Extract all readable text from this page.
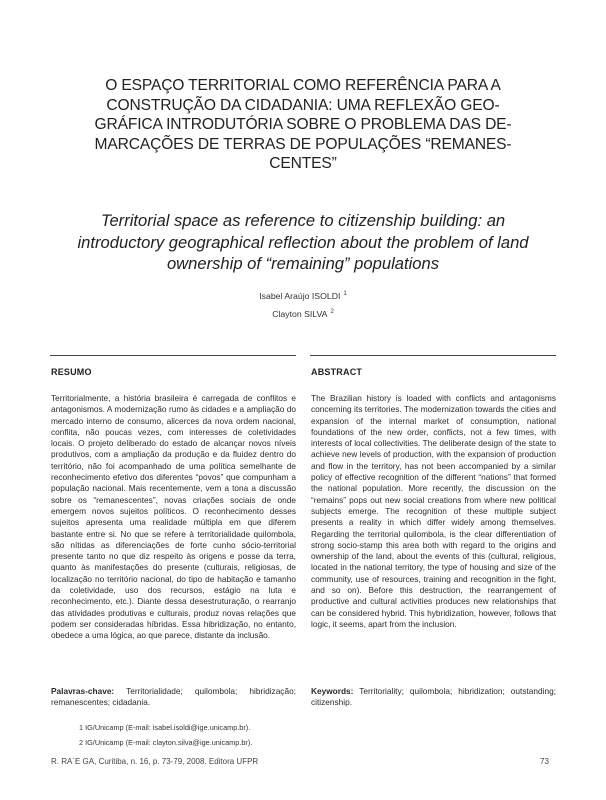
O ESPAÇO TERRITORIAL COMO REFERÊNCIA PARA A
CONSTRUÇÃO DA CIDADANIA: UMA REFLEXÃO GEO-
GRÁFICA INTRODUTÓRIA SOBRE O PROBLEMA DAS DE-
MARCAÇÕES DE TERRAS DE POPULAÇÕES “REMANES-
CENTES”
Territorial space as reference to citizenship building: an
introductory geographical reflection about the problem of land
ownership of “remaining” populations
Isabel Araújo ISOLDI $^1$
Clayton SILVA $^2$
RESUMO	ABSTRACT

Territorialmente, a história brasileira é carregada de conflitos e antagonismos. A modernização rumo às cidades e a ampliação do mercado interno de consumo, alicerces da nova ordem nacional, conflita, não poucas vezes, com interesses de coletividades locais. O projeto deliberado do estado de alcançar novos níveis produtivos, com a ampliação da produção e da fluidez dentro do território, não foi acompanhado de uma política semelhante de reconhecimento efetivo dos diferentes “povos” que compunham a população nacional. Mais recentemente, vem a tona a discussão sobre os “remanescentes”, novas criações sociais de onde emergem novos sujeitos políticos. O reconhecimento desses sujeitos apresenta uma realidade múltipla em que diferem bastante entre si. No que se refere à territorialidade quilombola, são nítidas as diferenciações de forte cunho sócio-territorial presente tanto no que diz respeito às origens e posse da terra, quanto às manifestações do presente (culturais, religiosas, de localização no território nacional, do tipo de habitação e tamanho da coletividade, uso dos recursos, estágio na luta e reconhecimento, etc.). Diante dessa desestruturação, o rearranjo das atividades produtivas e culturais, produz novas relações que podem ser consideradas híbridas. Essa hibridização, no entanto, obedece a uma lógica, ao que parece, distante da inclusão.

The Brazilian history is loaded with conflicts and antagonisms concerning its territories. The modernization towards the cities and expansion of the internal market of consumption, national foundations of the new order, conflicts, not a few times, with interests of local collectivities. The deliberate design of the state to achieve new levels of production, with the expansion of production and flow in the territory, has not been accompanied by a similar policy of effective recognition of the different “nations” that formed the national population. More recently, the discussion on the “remains” pops out new social creations from where new political subjects emerge. The recognition of these multiple subject presents a reality in which differ widely among themselves. Regarding the territorial quilombola, is the clear differentiation of strong socio-stamp this area both with regard to the origins and ownership of the land, about the events of this (cultural, religious, located in the national territory, the type of housing and size of the community, use of resources, training and recognition in the fight, and so on). Before this destruction, the rearrangement of productive and cultural activities produces new relationships that can be considered hybrid. This hybridization, however, follows that logic, it seems, apart from the inclusion.

Palavras-chave: Territorialidade; quilombola; hibridização; remanescentes; cidadania.
Keywords: Territoriality; quilombola; hibridization; outstanding; citizenship.
1 IG/Unicamp (E-mail: isabel.isoldi@ige.unicamp.br).
2 IG/Unicamp (E-mail: clayton.silva@ige.unicamp.br).
R. RA´E GA, Curitiba, n. 16, p. 73-79, 2008. Editora UFPR	73
